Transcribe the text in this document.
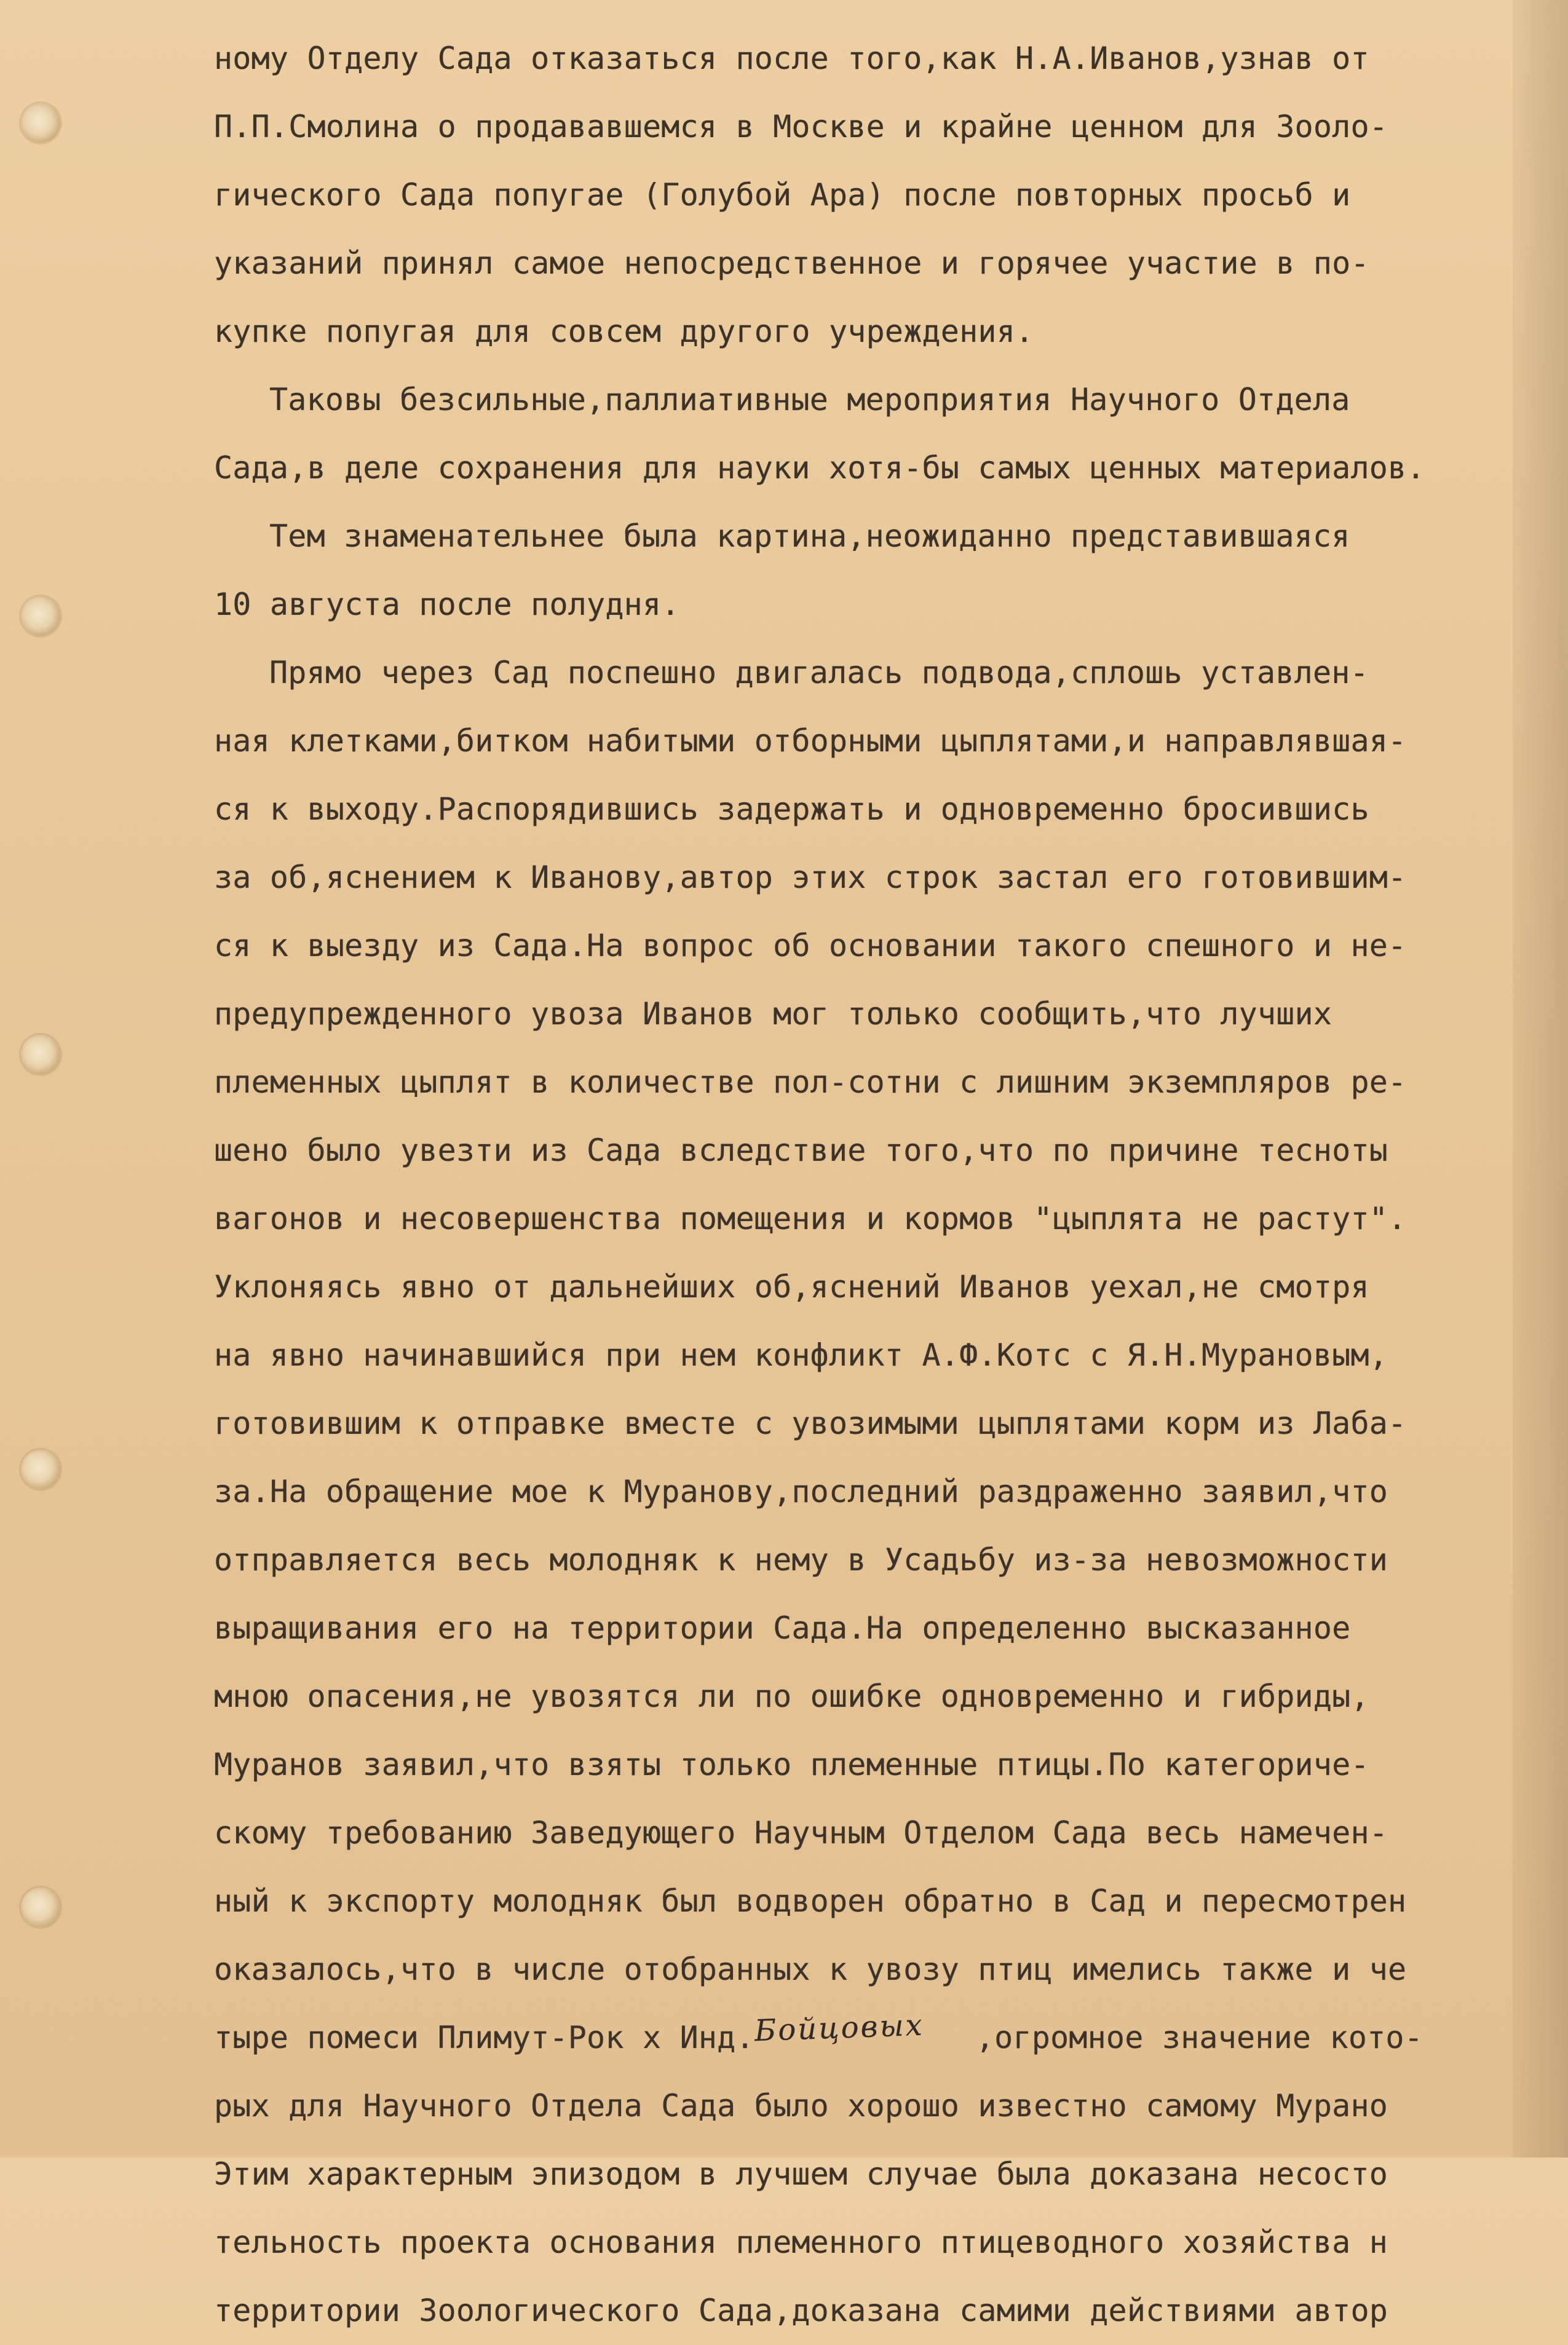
ному Отделу Сада отказаться после того,как Н.А.Иванов,узнав от
П.П.Смолина о продававшемся в Москве и крайне ценном для Зооло-
гического Сада попугае (Голубой Ара) после повторных просьб и
указаний принял самое непосредственное и горячее участие в по-
купке попугая для совсем другого учреждения.
Таковы безсильные,паллиативные мероприятия Научного Отдела
Сада,в деле сохранения для науки хотя-бы самых ценных материалов.
Тем знаменательнее была картина,неожиданно представившаяся
10 августа после полудня.
Прямо через Сад поспешно двигалась подвода,сплошь уставлен-
ная клетками,битком набитыми отборными цыплятами,и направлявшая-
ся к выходу.Распорядившись задержать и одновременно бросившись
за об,яснением к Иванову,автор этих строк застал его готовившим-
ся к выезду из Сада.На вопрос об основании такого спешного и не-
предупрежденного увоза Иванов мог только сообщить,что лучших
племенных цыплят в количестве пол-сотни с лишним экземпляров ре-
шено было увезти из Сада вследствие того,что по причине тесноты
вагонов и несовершенства помещения и кормов "цыплята не растут".
Уклоняясь явно от дальнейших об,яснений Иванов уехал,не смотря
на явно начинавшийся при нем конфликт А.Ф.Котс с Я.Н.Мурановым,
готовившим к отправке вместе с увозимыми цыплятами корм из Лаба-
за.На обращение мое к Муранову,последний раздраженно заявил,что
отправляется весь молодняк к нему в Усадьбу из-за невозможности
выращивания его на территории Сада.На определенно высказанное
мною опасения,не увозятся ли по ошибке одновременно и гибриды,
Муранов заявил,что взяты только племенные птицы.По категориче-
скому требованию Заведующего Научным Отделом Сада весь намечен-
ный к экспорту молодняк был водворен обратно в Сад и пересмотрен
оказалось,что в числе отобранных к увозу птиц имелись также и че
тыре помеси Плимут-Рок х Инд.Бойцовых ,огромное значение кото-
рых для Научного Отдела Сада было хорошо известно самому Мурано
Этим характерным эпизодом в лучшем случае была доказана несосто
тельность проекта основания племенного птицеводного хозяйства н
территории Зоологического Сада,доказана самими действиями автор
